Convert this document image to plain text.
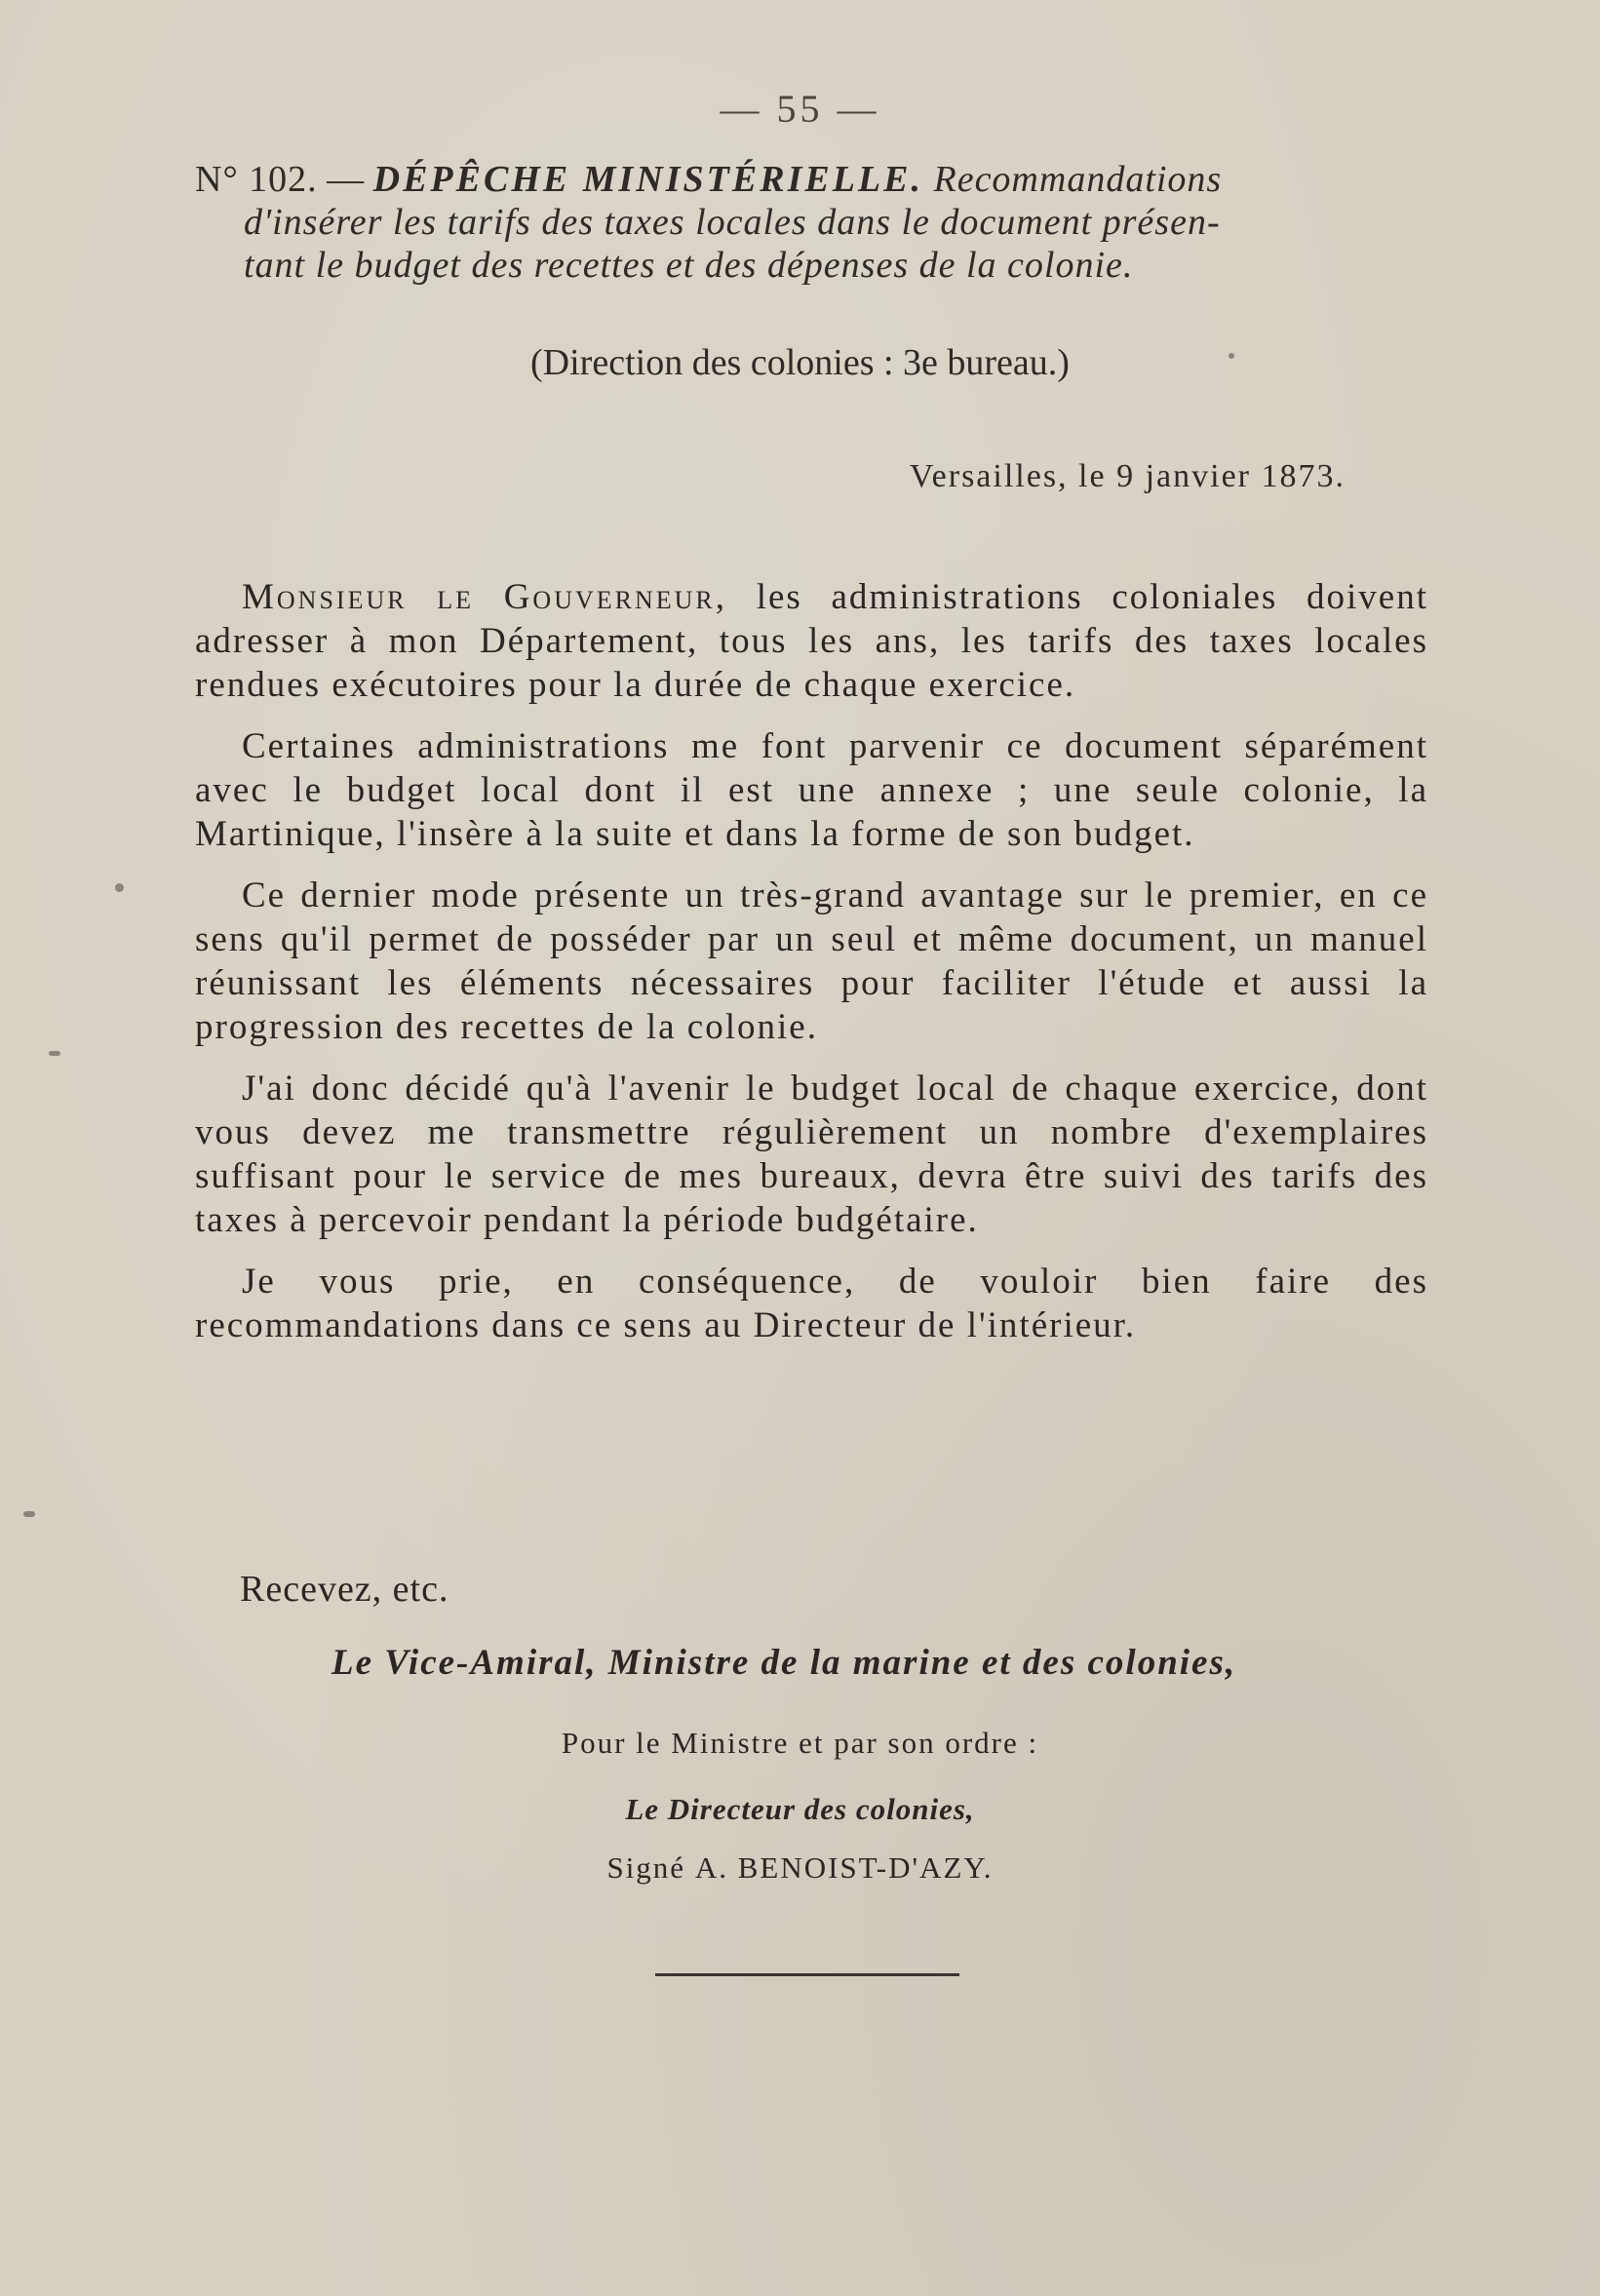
— 55 —
N° 102. — DÉPÊCHE MINISTÉRIELLE. Recommandations
d'insérer les tarifs des taxes locales dans le document présen-
tant le budget des recettes et des dépenses de la colonie.
(Direction des colonies : 3e bureau.)
Versailles, le 9 janvier 1873.

Monsieur le Gouverneur, les administrations coloniales doivent adresser à mon Département, tous les ans, les tarifs des taxes locales rendues exécutoires pour la durée de chaque exercice.

Certaines administrations me font parvenir ce document séparément avec le budget local dont il est une annexe ; une seule colonie, la Martinique, l'insère à la suite et dans la forme de son budget.

Ce dernier mode présente un très-grand avantage sur le premier, en ce sens qu'il permet de posséder par un seul et même document, un manuel réunissant les éléments nécessaires pour faciliter l'étude et aussi la progression des recettes de la colonie.

J'ai donc décidé qu'à l'avenir le budget local de chaque exercice, dont vous devez me transmettre régulièrement un nombre d'exemplaires suffisant pour le service de mes bureaux, devra être suivi des tarifs des taxes à percevoir pendant la période budgétaire.

Je vous prie, en conséquence, de vouloir bien faire des recommandations dans ce sens au Directeur de l'intérieur.

Recevez, etc.
Le Vice-Amiral, Ministre de la marine et des colonies,
Pour le Ministre et par son ordre :
Le Directeur des colonies,
Signé A. BENOIST-D'AZY.
